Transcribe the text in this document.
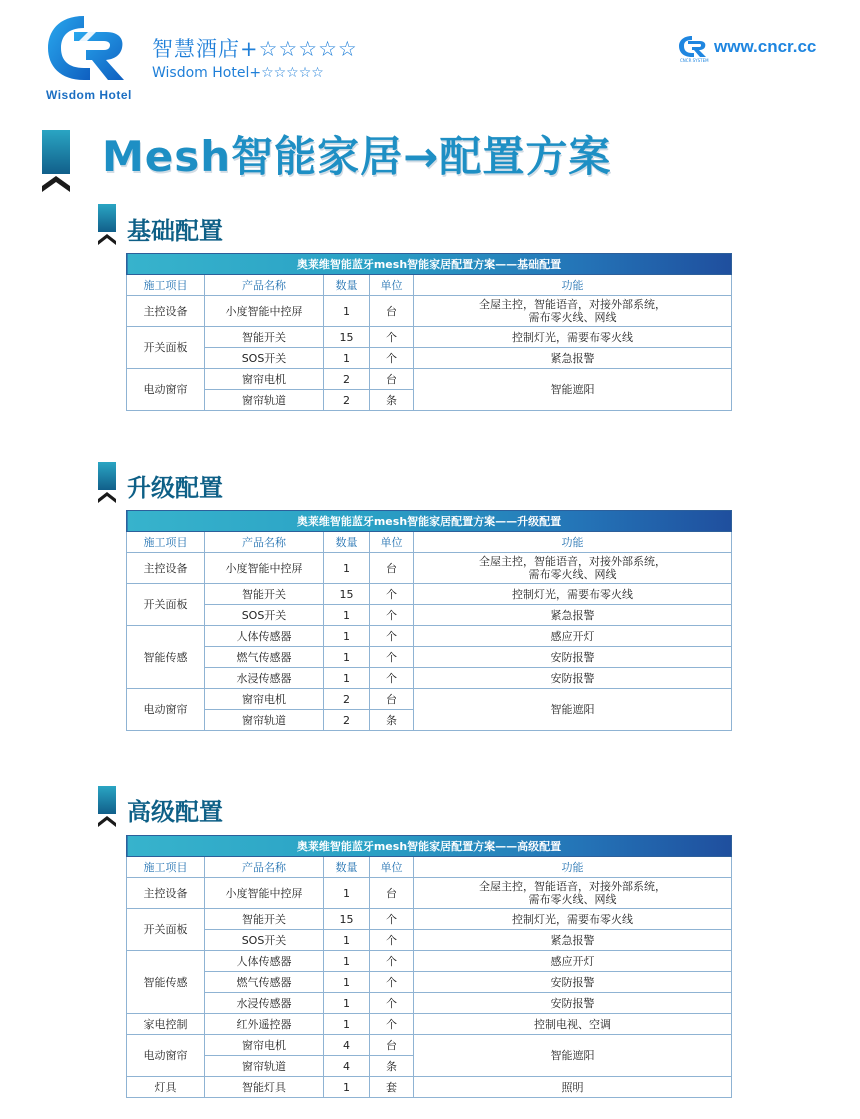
Wisdom Hotel
智慧酒店+☆☆☆☆☆
Wisdom Hotel+☆☆☆☆☆
CNCR SYSTEM
www.cncr.cc
Mesh智能家居→配置方案
基础配置
奥莱维智能蓝牙mesh智能家居配置方案——基础配置				
施工项目	产品名称	数量	单位	功能
主控设备	小度智能中控屏	1	台	全屋主控，智能语音，对接外部系统，
需布零火线、网线

开关面板	智能开关	15	个	控制灯光，需要布零火线
	SOS开关	1	个	紧急报警
电动窗帘	窗帘电机	2	台	智能遮阳
	窗帘轨道	2	条	
升级配置
奥莱维智能蓝牙mesh智能家居配置方案——升级配置				
施工项目	产品名称	数量	单位	功能
主控设备	小度智能中控屏	1	台	全屋主控，智能语音，对接外部系统，
需布零火线、网线

开关面板	智能开关	15	个	控制灯光，需要布零火线
	SOS开关	1	个	紧急报警
智能传感	人体传感器	1	个	感应开灯
	燃气传感器	1	个	安防报警
	水浸传感器	1	个	安防报警
电动窗帘	窗帘电机	2	台	智能遮阳
	窗帘轨道	2	条	
高级配置
奥莱维智能蓝牙mesh智能家居配置方案——高级配置				
施工项目	产品名称	数量	单位	功能
主控设备	小度智能中控屏	1	台	全屋主控，智能语音，对接外部系统，
需布零火线、网线

开关面板	智能开关	15	个	控制灯光，需要布零火线
	SOS开关	1	个	紧急报警
智能传感	人体传感器	1	个	感应开灯
	燃气传感器	1	个	安防报警
	水浸传感器	1	个	安防报警
家电控制	红外遥控器	1	个	控制电视、空调
电动窗帘	窗帘电机	4	台	智能遮阳
	窗帘轨道	4	条	
灯具	智能灯具	1	套	照明
